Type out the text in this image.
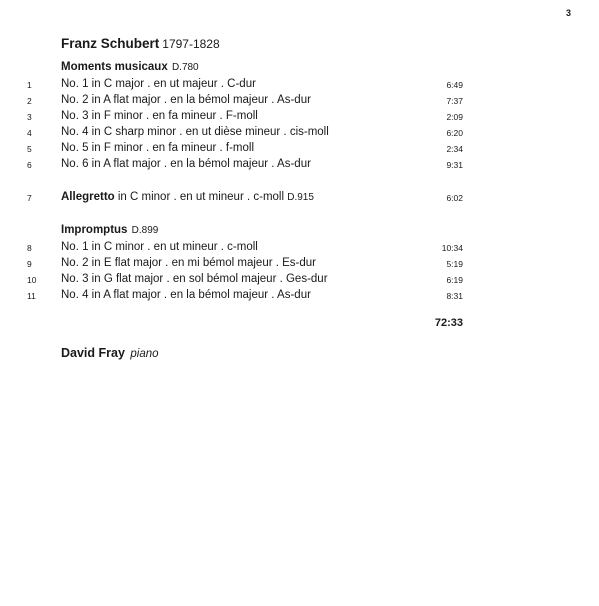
3
Franz Schubert 1797-1828
Moments musicaux D.780
1	No. 1 in C major . en ut majeur . C-dur	6:49
2	No. 2 in A flat major . en la bémol majeur . As-dur	7:37
3	No. 3 in F minor . en fa mineur . F-moll	2:09
4	No. 4 in C sharp minor . en ut dièse mineur . cis-moll	6:20
5	No. 5 in F minor . en fa mineur . f-moll	2:34
6	No. 6 in A flat major . en la bémol majeur . As-dur	9:31
7	Allegretto in C minor . en ut mineur . c-moll D.915	6:02
Impromptus D.899
8	No. 1 in C minor . en ut mineur . c-moll	10:34
9	No. 2 in E flat major . en mi bémol majeur . Es-dur	5:19
10 No. 3 in G flat major . en sol bémol majeur . Ges-dur	6:19
11 No. 4 in A flat major . en la bémol majeur . As-dur	8:31
72:33
David Fray piano
